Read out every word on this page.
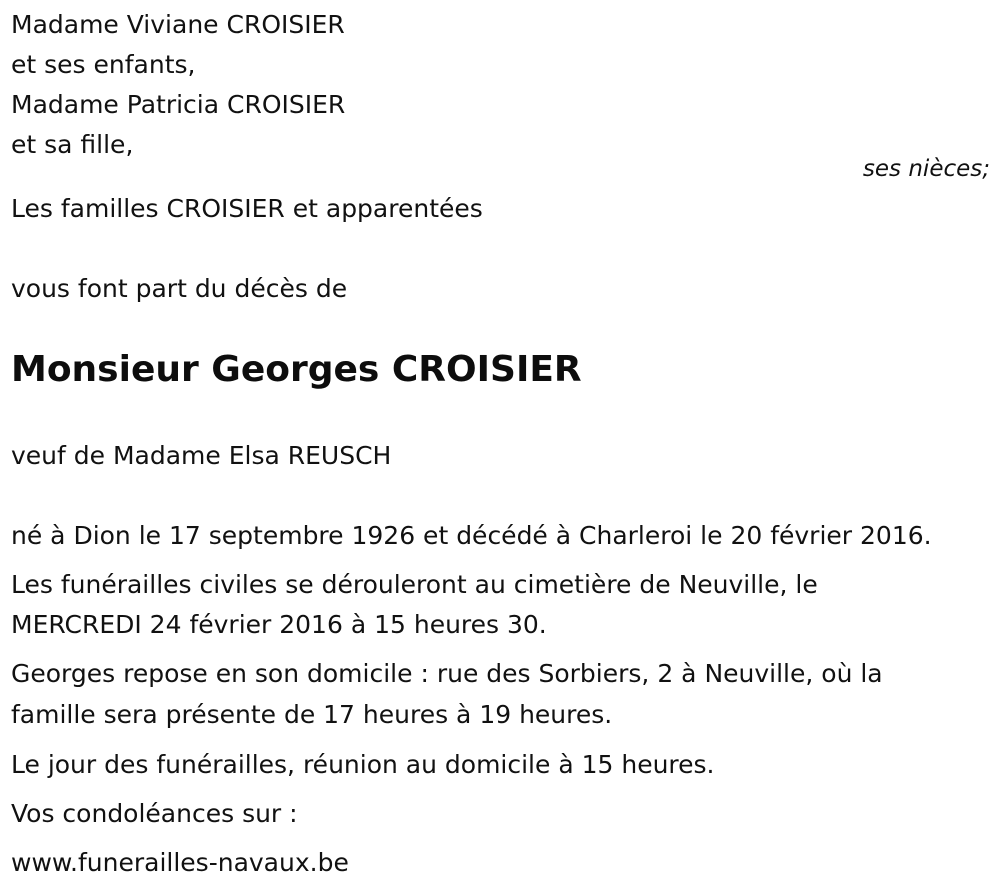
Madame Viviane CROISIER

et ses enfants,

Madame Patricia CROISIER

et sa fille,

ses nièces;

Les familles CROISIER et apparentées

vous font part du décès de

Monsieur Georges CROISIER

veuf de Madame Elsa REUSCH

né à Dion le 17 septembre 1926 et décédé à Charleroi le 20 février 2016.

Les funérailles civiles se dérouleront au cimetière de Neuville, le

MERCREDI 24 février 2016 à 15 heures 30.

Georges repose en son domicile : rue des Sorbiers, 2 à Neuville, où la

famille sera présente de 17 heures à 19 heures.

Le jour des funérailles, réunion au domicile à 15 heures.

Vos condoléances sur :

www.funerailles-navaux.be
